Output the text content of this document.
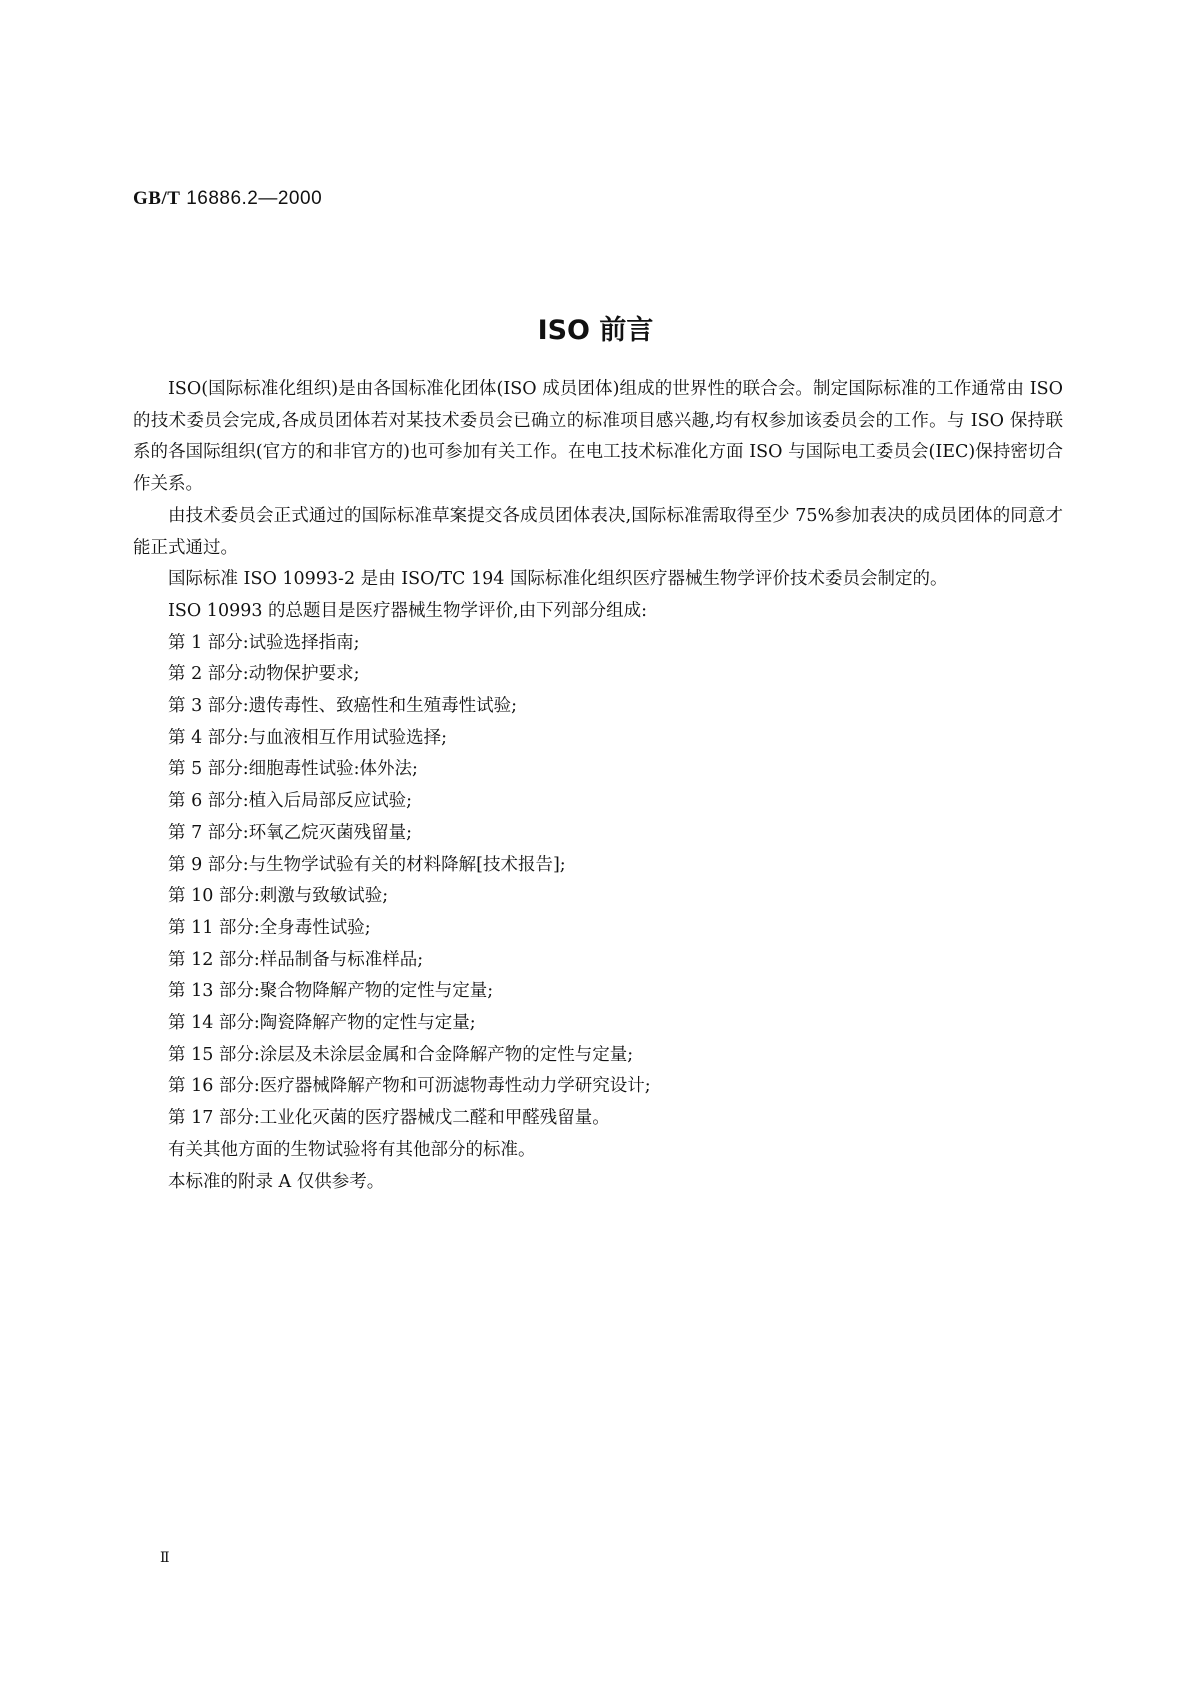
GB/T 16886.2—2000
ISO 前言

ISO(国际标准化组织)是由各国标准化团体(ISO 成员团体)组成的世界性的联合会。制定国际标准的工作通常由 ISO 的技术委员会完成,各成员团体若对某技术委员会已确立的标准项目感兴趣,均有权参加该委员会的工作。与 ISO 保持联系的各国际组织(官方的和非官方的)也可参加有关工作。在电工技术标准化方面 ISO 与国际电工委员会(IEC)保持密切合作关系。

由技术委员会正式通过的国际标准草案提交各成员团体表决,国际标准需取得至少 75%参加表决的成员团体的同意才能正式通过。

国际标准 ISO 10993-2 是由 ISO/TC 194 国际标准化组织医疗器械生物学评价技术委员会制定的。

ISO 10993 的总题目是医疗器械生物学评价,由下列部分组成:

第 1 部分:试验选择指南;
第 2 部分:动物保护要求;
第 3 部分:遗传毒性、致癌性和生殖毒性试验;
第 4 部分:与血液相互作用试验选择;
第 5 部分:细胞毒性试验:体外法;
第 6 部分:植入后局部反应试验;
第 7 部分:环氧乙烷灭菌残留量;
第 9 部分:与生物学试验有关的材料降解[技术报告];
第 10 部分:刺激与致敏试验;
第 11 部分:全身毒性试验;
第 12 部分:样品制备与标准样品;
第 13 部分:聚合物降解产物的定性与定量;
第 14 部分:陶瓷降解产物的定性与定量;
第 15 部分:涂层及未涂层金属和合金降解产物的定性与定量;
第 16 部分:医疗器械降解产物和可沥滤物毒性动力学研究设计;
第 17 部分:工业化灭菌的医疗器械戊二醛和甲醛残留量。

有关其他方面的生物试验将有其他部分的标准。

本标准的附录 A 仅供参考。

Ⅱ
